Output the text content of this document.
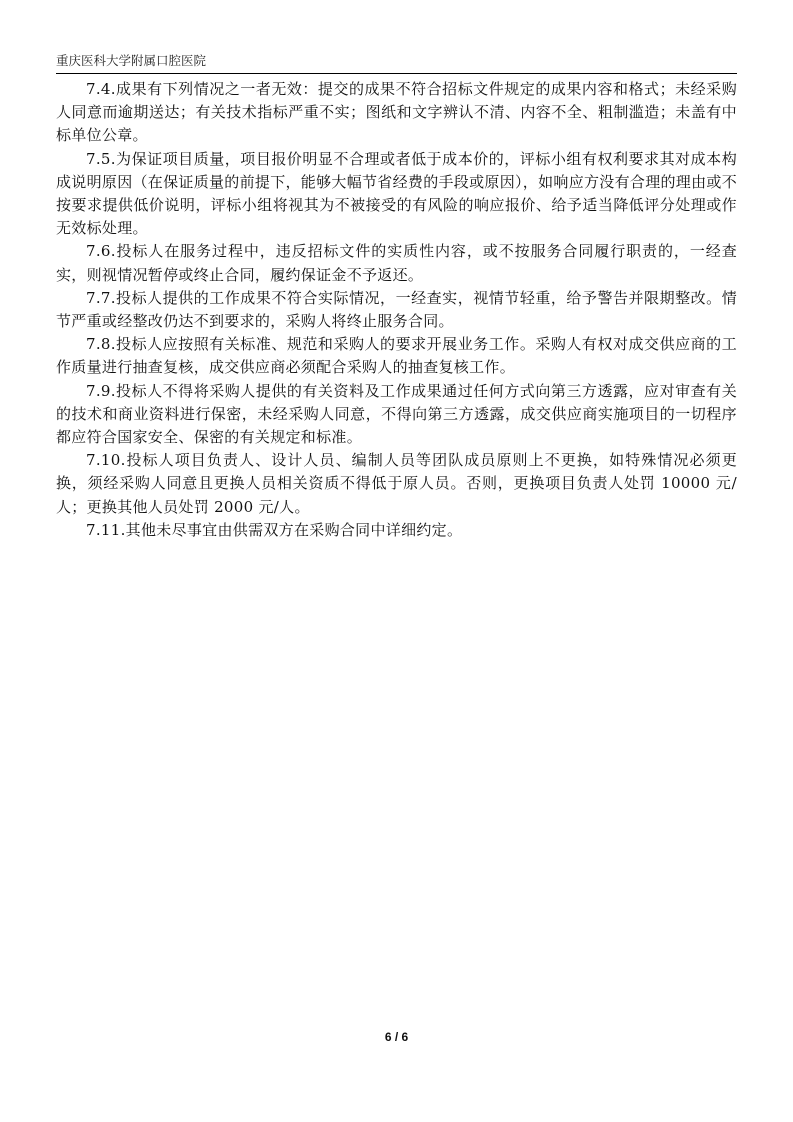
重庆医科大学附属口腔医院

7.4.成果有下列情况之一者无效：提交的成果不符合招标文件规定的成果内容和格式；未经采购人同意而逾期送达；有关技术指标严重不实；图纸和文字辨认不清、内容不全、粗制滥造；未盖有中标单位公章。

7.5.为保证项目质量，项目报价明显不合理或者低于成本价的，评标小组有权利要求其对成本构成说明原因（在保证质量的前提下，能够大幅节省经费的手段或原因），如响应方没有合理的理由或不按要求提供低价说明，评标小组将视其为不被接受的有风险的响应报价、给予适当降低评分处理或作无效标处理。

7.6.投标人在服务过程中，违反招标文件的实质性内容，或不按服务合同履行职责的，一经查实，则视情况暂停或终止合同，履约保证金不予返还。

7.7.投标人提供的工作成果不符合实际情况，一经查实，视情节轻重，给予警告并限期整改。情节严重或经整改仍达不到要求的，采购人将终止服务合同。

7.8.投标人应按照有关标准、规范和采购人的要求开展业务工作。采购人有权对成交供应商的工作质量进行抽查复核，成交供应商必须配合采购人的抽查复核工作。

7.9.投标人不得将采购人提供的有关资料及工作成果通过任何方式向第三方透露，应对审查有关的技术和商业资料进行保密，未经采购人同意，不得向第三方透露，成交供应商实施项目的一切程序都应符合国家安全、保密的有关规定和标准。

7.10.投标人项目负责人、设计人员、编制人员等团队成员原则上不更换，如特殊情况必须更换，须经采购人同意且更换人员相关资质不得低于原人员。否则，更换项目负责人处罚 10000 元/人；更换其他人员处罚 2000 元/人。

7.11.其他未尽事宜由供需双方在采购合同中详细约定。

6 / 6
